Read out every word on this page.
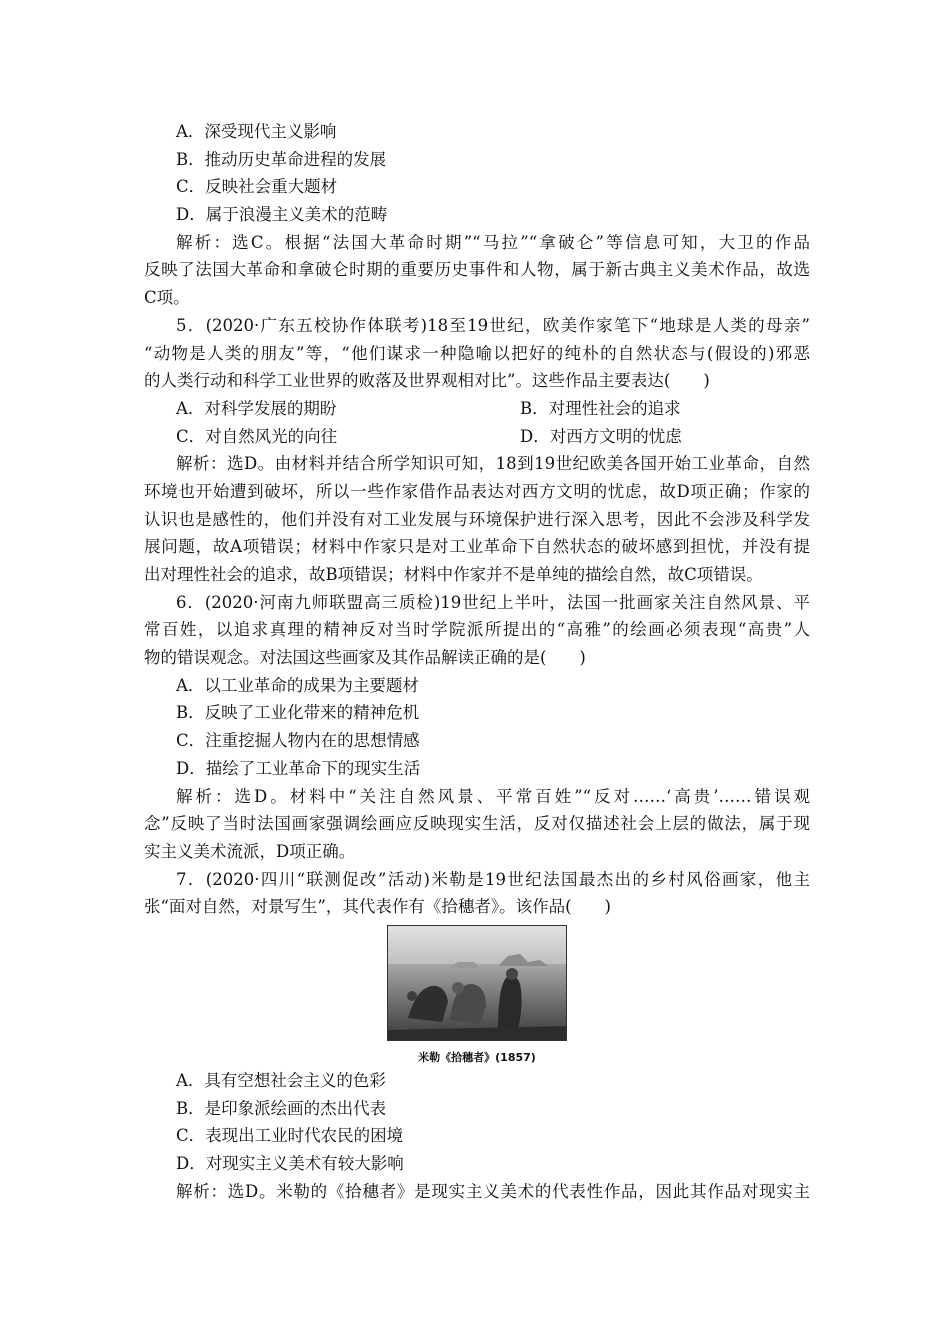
A．深受现代主义影响
B．推动历史革命进程的发展
C．反映社会重大题材
D．属于浪漫主义美术的范畴
解析：选C。根据“法国大革命时期”“马拉”“拿破仑”等信息可知，大卫的作品
反映了法国大革命和拿破仑时期的重要历史事件和人物，属于新古典主义美术作品，故选
C项。
5．(2020·广东五校协作体联考)18至19世纪，欧美作家笔下“地球是人类的母亲”
“动物是人类的朋友”等，“他们谋求一种隐喻以把好的纯朴的自然状态与(假设的)邪恶
的人类行动和科学工业世界的败落及世界观相对比”。这些作品主要表达(　　)
A．对科学发展的期盼	B．对理性社会的追求
C．对自然风光的向往	D．对西方文明的忧虑
解析：选D。由材料并结合所学知识可知，18到19世纪欧美各国开始工业革命，自然
环境也开始遭到破坏，所以一些作家借作品表达对西方文明的忧虑，故D项正确；作家的
认识也是感性的，他们并没有对工业发展与环境保护进行深入思考，因此不会涉及科学发
展问题，故A项错误；材料中作家只是对工业革命下自然状态的破坏感到担忧，并没有提
出对理性社会的追求，故B项错误；材料中作家并不是单纯的描绘自然，故C项错误。
6．(2020·河南九师联盟高三质检)19世纪上半叶，法国一批画家关注自然风景、平
常百姓，以追求真理的精神反对当时学院派所提出的“高雅”的绘画必须表现“高贵”人
物的错误观念。对法国这些画家及其作品解读正确的是(　　)
A．以工业革命的成果为主要题材
B．反映了工业化带来的精神危机
C．注重挖掘人物内在的思想情感
D．描绘了工业革命下的现实生活
解析：选D。材料中“关注自然风景、平常百姓”“反对……‘高贵’……错误观
念”反映了当时法国画家强调绘画应反映现实生活，反对仅描述社会上层的做法，属于现
实主义美术流派，D项正确。
7．(2020·四川“联测促改”活动)米勒是19世纪法国最杰出的乡村风俗画家，他主
张“面对自然，对景写生”，其代表作有《拾穗者》。该作品(　　)
米勒《拾穗者》(1857)
A．具有空想社会主义的色彩
B．是印象派绘画的杰出代表
C．表现出工业时代农民的困境
D．对现实主义美术有较大影响
解析：选D。米勒的《拾穗者》是现实主义美术的代表性作品，因此其作品对现实主
